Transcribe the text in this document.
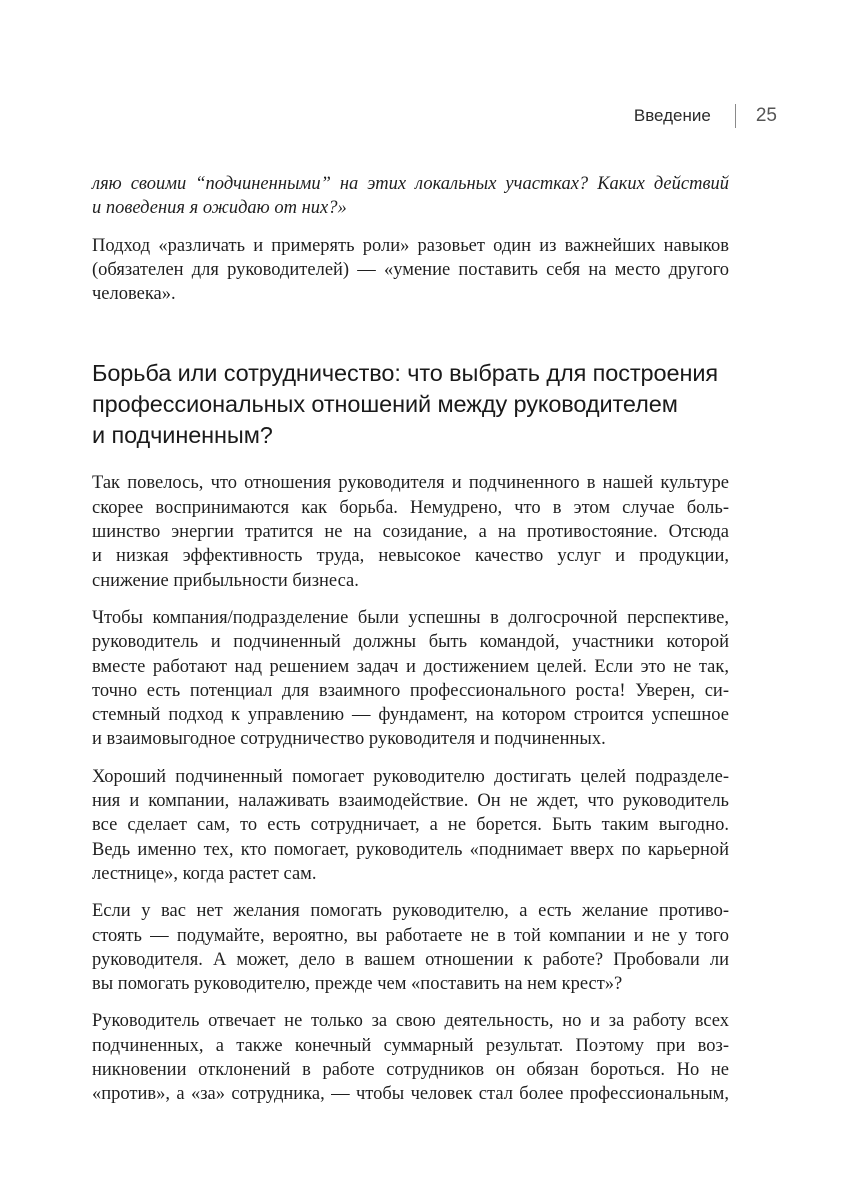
Введение 25

ляю своими “подчиненными” на этих локальных участках? Каких действий
и поведения я ожидаю от них?»

Подход «различать и примерять роли» разовьет один из важнейших навыков
(обязателен для руководителей) — «умение поставить себя на место другого
человека».

Борьба или сотрудничество: что выбрать для построения
профессиональных отношений между руководителем
и подчиненным?

Так повелось, что отношения руководителя и подчиненного в нашей культуре
скорее воспринимаются как борьба. Немудрено, что в этом случае боль-
шинство энергии тратится не на созидание, а на противостояние. Отсюда
и низкая эффективность труда, невысокое качество услуг и продукции,
снижение прибыльности бизнеса.

Чтобы компания/подразделение были успешны в долгосрочной перспективе,
руководитель и подчиненный должны быть командой, участники которой
вместе работают над решением задач и достижением целей. Если это не так,
точно есть потенциал для взаимного профессионального роста! Уверен, си-
стемный подход к управлению — фундамент, на котором строится успешное
и взаимовыгодное сотрудничество руководителя и подчиненных.

Хороший подчиненный помогает руководителю достигать целей подразделе-
ния и компании, налаживать взаимодействие. Он не ждет, что руководитель
все сделает сам, то есть сотрудничает, а не борется. Быть таким выгодно.
Ведь именно тех, кто помогает, руководитель «поднимает вверх по карьерной
лестнице», когда растет сам.

Если у вас нет желания помогать руководителю, а есть желание противо-
стоять — подумайте, вероятно, вы работаете не в той компании и не у того
руководителя. А может, дело в вашем отношении к работе? Пробовали ли
вы помогать руководителю, прежде чем «поставить на нем крест»?

Руководитель отвечает не только за свою деятельность, но и за работу всех
подчиненных, а также конечный суммарный результат. Поэтому при воз-
никновении отклонений в работе сотрудников он обязан бороться. Но не
«против», а «за» сотрудника, — чтобы человек стал более профессиональным,
